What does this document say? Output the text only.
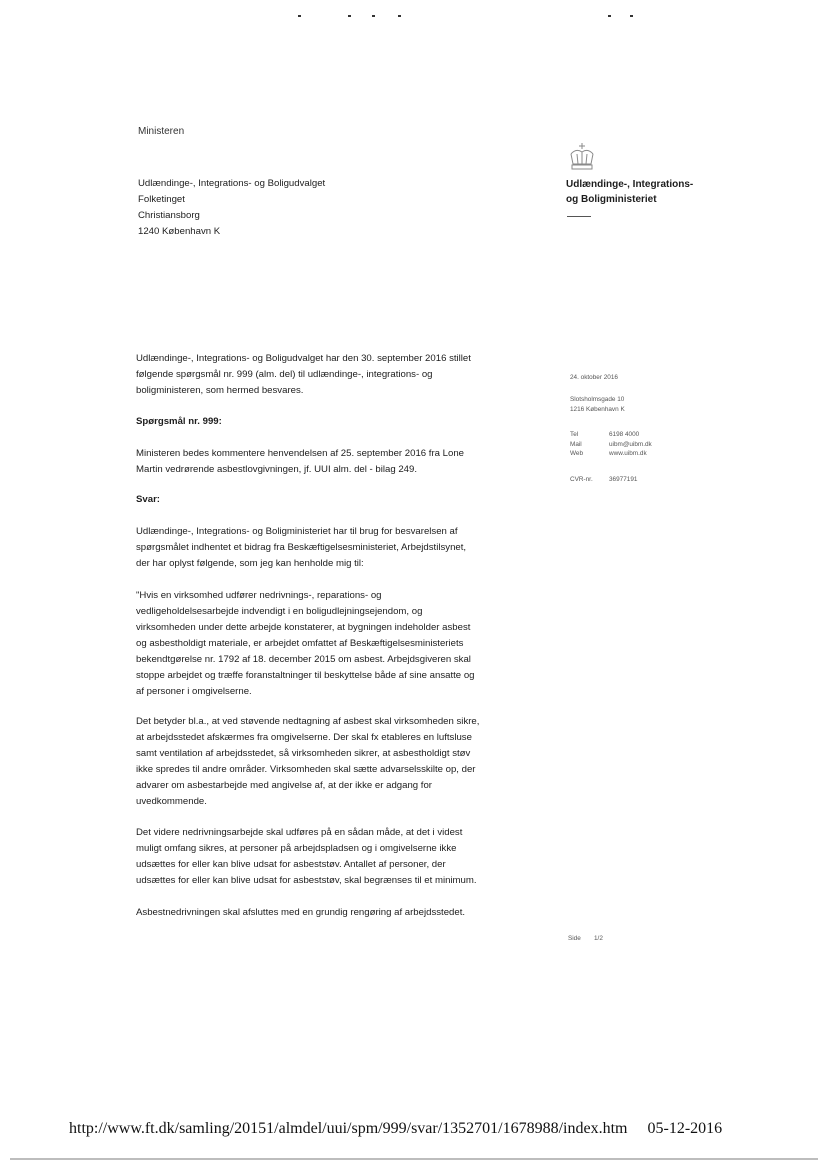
Ministeren
Udlændinge-, Integrations- og Boligudvalget
Folketinget
Christiansborg
1240 København K
Udlændinge-, Integrations-
og Boligministeriet
24. oktober 2016
Slotsholmsgade 10
1216 København K
Tel	6198 4000
Mail	uibm@uibm.dk
Web	www.uibm.dk
CVR-nr.	36977191
Side 1/2
Udlændinge-, Integrations- og Boligudvalget har den 30. september 2016 stillet
følgende spørgsmål nr. 999 (alm. del) til udlændinge-, integrations- og
boligministeren, som hermed besvares.
Spørgsmål nr. 999:
Ministeren bedes kommentere henvendelsen af 25. september 2016 fra Lone
Martin vedrørende asbestlovgivningen, jf. UUI alm. del - bilag 249.
Svar:
Udlændinge-, Integrations- og Boligministeriet har til brug for besvarelsen af
spørgsmålet indhentet et bidrag fra Beskæftigelsesministeriet, Arbejdstilsynet,
der har oplyst følgende, som jeg kan henholde mig til:
"Hvis en virksomhed udfører nedrivnings-, reparations- og
vedligeholdelsesarbejde indvendigt i en boligudlejningsejendom, og
virksomheden under dette arbejde konstaterer, at bygningen indeholder asbest
og asbestholdigt materiale, er arbejdet omfattet af Beskæftigelsesministeriets
bekendtgørelse nr. 1792 af 18. december 2015 om asbest. Arbejdsgiveren skal
stoppe arbejdet og træffe foranstaltninger til beskyttelse både af sine ansatte og
af personer i omgivelserne.
Det betyder bl.a., at ved støvende nedtagning af asbest skal virksomheden sikre,
at arbejdsstedet afskærmes fra omgivelserne. Der skal fx etableres en luftsluse
samt ventilation af arbejdsstedet, så virksomheden sikrer, at asbestholdigt støv
ikke spredes til andre områder. Virksomheden skal sætte advarselsskilte op, der
advarer om asbestarbejde med angivelse af, at der ikke er adgang for
uvedkommende.
Det videre nedrivningsarbejde skal udføres på en sådan måde, at det i videst
muligt omfang sikres, at personer på arbejdspladsen og i omgivelserne ikke
udsættes for eller kan blive udsat for asbeststøv. Antallet af personer, der
udsættes for eller kan blive udsat for asbeststøv, skal begrænses til et minimum.
Asbestnedrivningen skal afsluttes med en grundig rengøring af arbejdsstedet.
http://www.ft.dk/samling/20151/almdel/uui/spm/999/svar/1352701/1678988/index.htm 05-12-2016
